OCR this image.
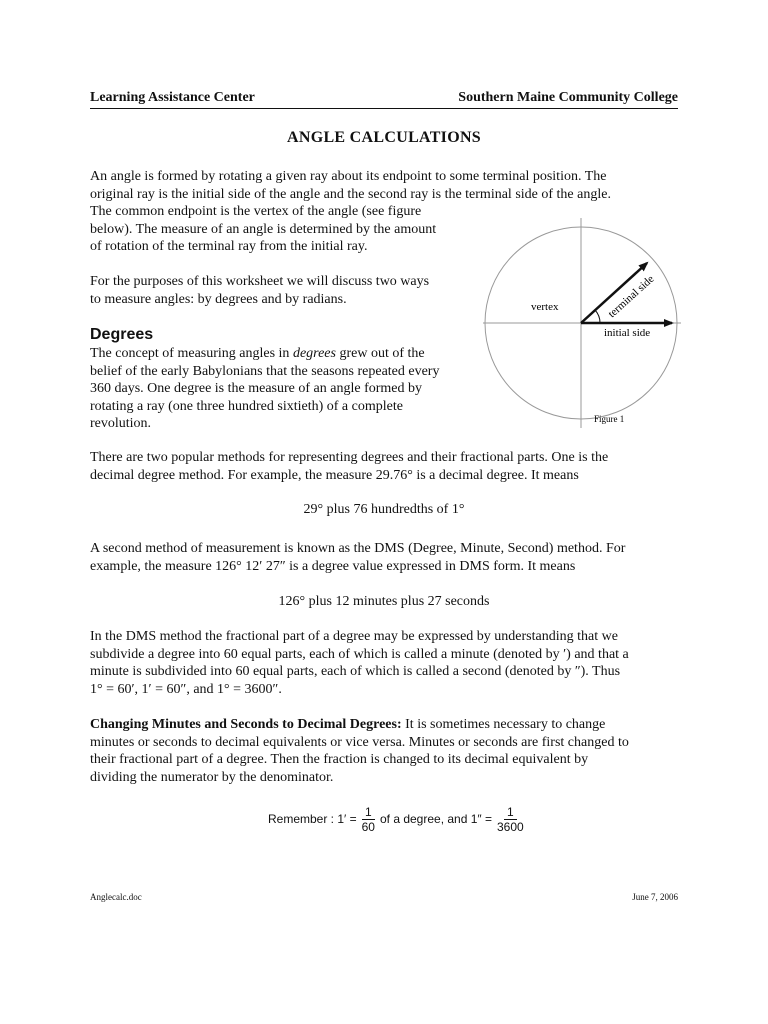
Learning Assistance Center	Southern Maine Community College
ANGLE CALCULATIONS
An angle is formed by rotating a given ray about its endpoint to some terminal position. The
original ray is the initial side of the angle and the second ray is the terminal side of the angle.
The common endpoint is the vertex of the angle (see figure
below). The measure of an angle is determined by the amount
of rotation of the terminal ray from the initial ray.
For the purposes of this worksheet we will discuss two ways
to measure angles: by degrees and by radians.
Degrees
The concept of measuring angles in degrees grew out of the
belief of the early Babylonians that the seasons repeated every
360 days. One degree is the measure of an angle formed by
rotating a ray (one three hundred sixtieth) of a complete
revolution.
terminal side
vertex
initial side
Figure 1
There are two popular methods for representing degrees and their fractional parts. One is the
decimal degree method. For example, the measure 29.76° is a decimal degree. It means
29° plus 76 hundredths of 1°
A second method of measurement is known as the DMS (Degree, Minute, Second) method. For
example, the measure 126° 12′ 27″ is a degree value expressed in DMS form. It means
126° plus 12 minutes plus 27 seconds
In the DMS method the fractional part of a degree may be expressed by understanding that we
subdivide a degree into 60 equal parts, each of which is called a minute (denoted by ′) and that a
minute is subdivided into 60 equal parts, each of which is called a second (denoted by ″). Thus
1° = 60′, 1′ = 60″, and 1° = 3600″.
Changing Minutes and Seconds to Decimal Degrees: It is sometimes necessary to change
minutes or seconds to decimal equivalents or vice versa. Minutes or seconds are first changed to
their fractional part of a degree. Then the fraction is changed to its decimal equivalent by
dividing the numerator by the denominator.
Remember : $1' = \frac{1}{60}$ of a degree, and $1'' = \frac{1}{3600}$
Anglecalc.doc	June 7, 2006
